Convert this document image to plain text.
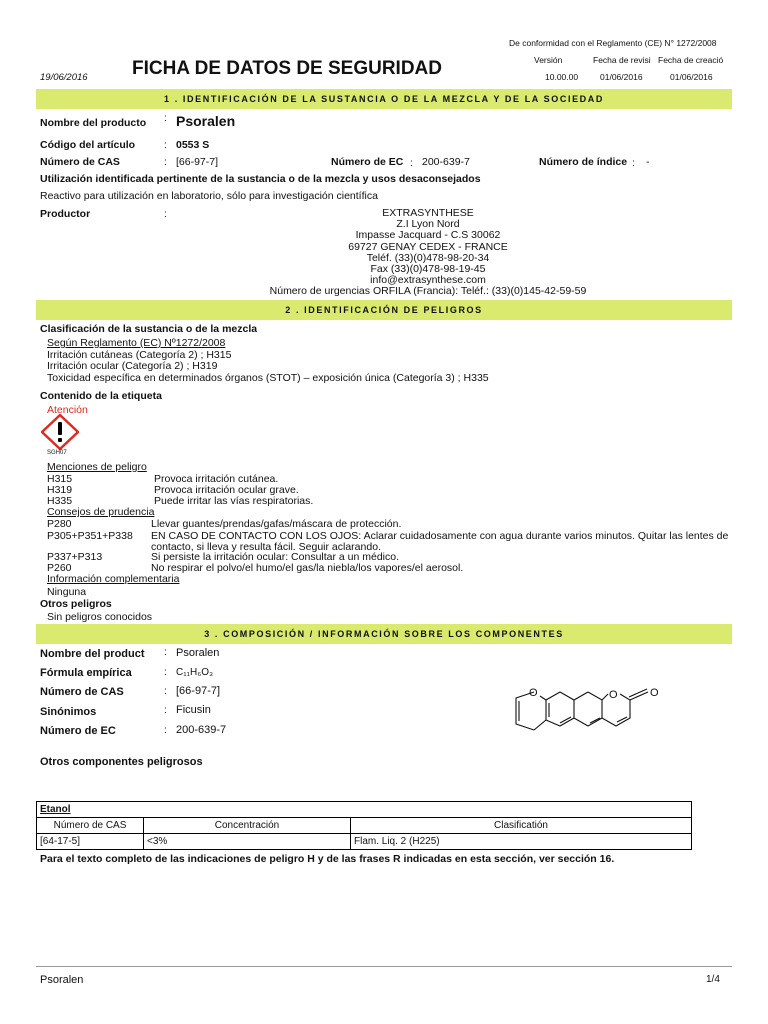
De conformidad con el Reglamento (CE) N° 1272/2008
Versión	Fecha de revisi Fecha de creació
19/06/2016 FICHA DE DATOS DE SEGURIDAD	10.00.00	01/06/2016	01/06/2016
1 . IDENTIFICACIÓN DE LA SUSTANCIA O DE LA MEZCLA Y DE LA SOCIEDAD
Nombre del producto : Psoralen
Código del artículo	: 0553 S
Número de CAS	: [66-97-7]	Número de EC : 200-639-7	Número de índice : -
Utilización identificada pertinente de la sustancia o de la mezcla y usos desaconsejados
Reactivo para utilización en laboratorio, sólo para investigación científica
Productor	:	EXTRASYNTHESE
Z.I Lyon Nord
Impasse Jacquard - C.S 30062
69727 GENAY CEDEX - FRANCE
Teléf. (33)(0)478-98-20-34
Fax (33)(0)478-98-19-45
info@extrasynthese.com
Número de urgencias ORFILA (Francia): Teléf.: (33)(0)145-42-59-59
2 . IDENTIFICACIÓN DE PELIGROS
Clasificación de la sustancia o de la mezcla
Según Reglamento (EC) Nº1272/2008
Irritación cutáneas (Categoría 2) ; H315
Irritación ocular (Categoría 2) ; H319
Toxicidad específica en determinados órganos (STOT) – exposición única (Categoría 3) ; H335
Contenido de la etiqueta
Atención
SGH07
Menciones de peligro
H315	Provoca irritación cutánea.
H319	Provoca irritación ocular grave.
H335	Puede irritar las vías respiratorias.
Consejos de prudencia
P280	Llevar guantes/prendas/gafas/máscara de protección.
P305+P351+P338 EN CASO DE CONTACTO CON LOS OJOS: Aclarar cuidadosamente con agua durante varios minutos. Quitar las lentes de
contacto, si lleva y resulta fácil. Seguir aclarando.
P337+P313	Si persiste la irritación ocular: Consultar a un médico.
P260	No respirar el polvo/el humo/el gas/la niebla/los vapores/el aerosol.
Información complementaria
Ninguna
Otros peligros
Sin peligros conocidos
3 . COMPOSICIÓN / INFORMACIÓN SOBRE LOS COMPONENTES
Nombre del product : Psoralen
Fórmula empírica	: C₁₁H₆O₃
Número de CAS	: [66-97-7]
Sinónimos	: Ficusin
Número de EC	: 200-639-7
O	O	O
Otros componentes peligrosos
Etanol		
Número de CAS	Concentración	Clasificatión
[64-17-5]	<3%	Flam. Liq. 2 (H225)
Para el texto completo de las indicaciones de peligro H y de las frases R indicadas en esta sección, ver sección 16.
Psoralen	1/4
